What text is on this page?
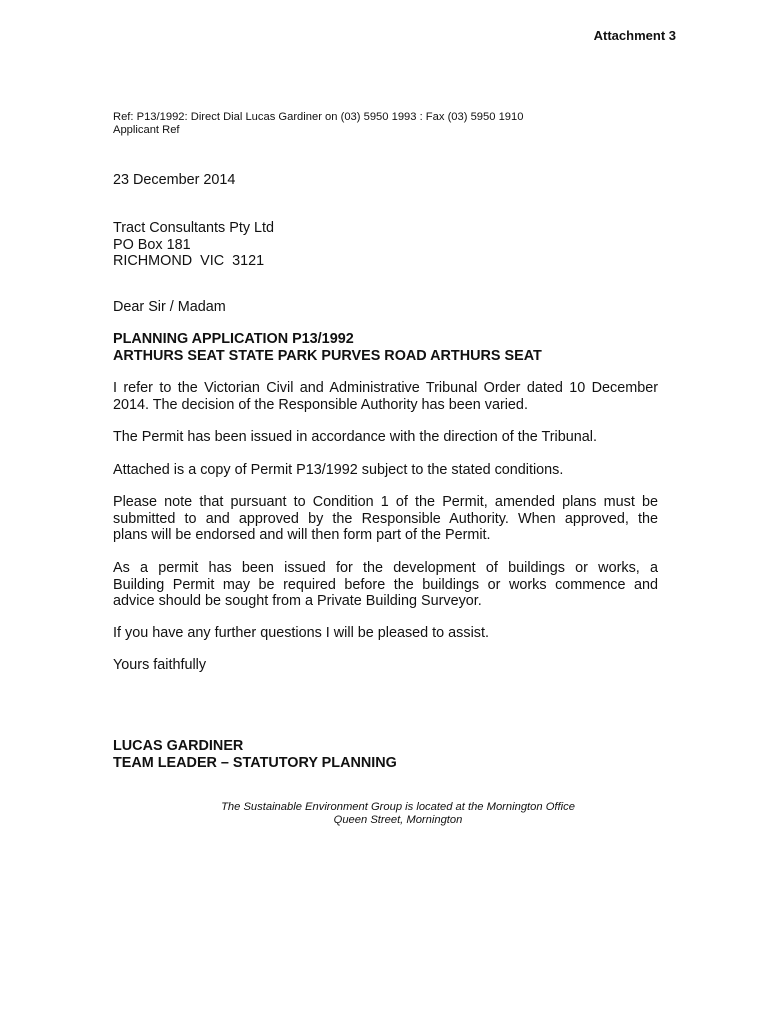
Attachment 3
Ref: P13/1992: Direct Dial Lucas Gardiner on (03) 5950 1993 : Fax (03) 5950 1910
Applicant Ref
23 December 2014
Tract Consultants Pty Ltd
PO Box 181
RICHMOND  VIC  3121
Dear Sir / Madam
PLANNING APPLICATION P13/1992
ARTHURS SEAT STATE PARK PURVES ROAD ARTHURS SEAT
I refer to the Victorian Civil and Administrative Tribunal Order dated 10 December
2014. The decision of the Responsible Authority has been varied.
The Permit has been issued in accordance with the direction of the Tribunal.
Attached is a copy of Permit P13/1992 subject to the stated conditions.
Please note that pursuant to Condition 1 of the Permit, amended plans must be
submitted to and approved by the Responsible Authority. When approved, the
plans will be endorsed and will then form part of the Permit.
As a permit has been issued for the development of buildings or works, a
Building Permit may be required before the buildings or works commence and
advice should be sought from a Private Building Surveyor.
If you have any further questions I will be pleased to assist.
Yours faithfully
LUCAS GARDINER
TEAM LEADER – STATUTORY PLANNING
The Sustainable Environment Group is located at the Mornington Office
Queen Street, Mornington
